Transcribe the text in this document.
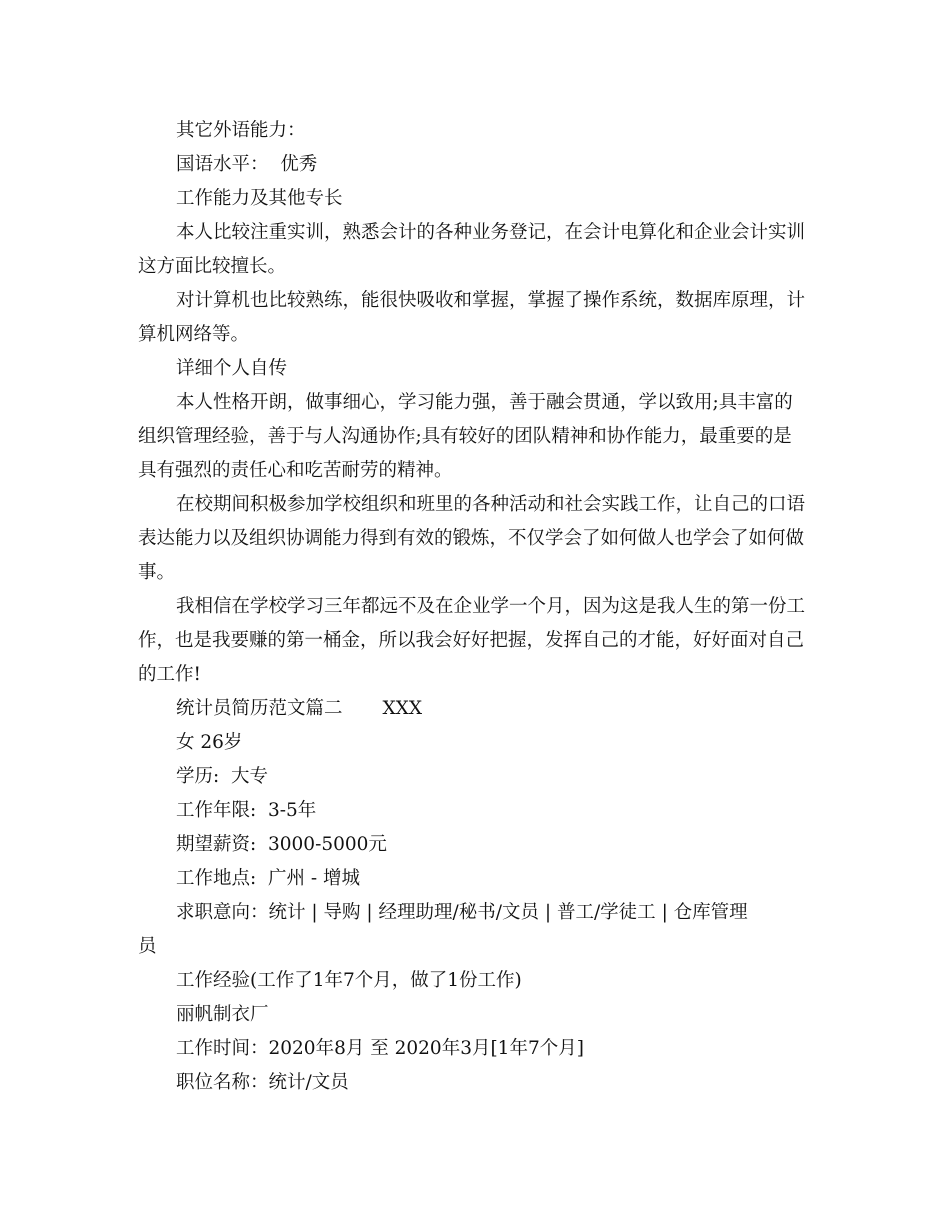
其它外语能力：

国语水平：  优秀

工作能力及其他专长

本人比较注重实训，熟悉会计的各种业务登记，在会计电算化和企业会计实训

这方面比较擅长。

对计算机也比较熟练，能很快吸收和掌握，掌握了操作系统，数据库原理，计

算机网络等。

详细个人自传

本人性格开朗，做事细心，学习能力强，善于融会贯通，学以致用;具丰富的

组织管理经验，善于与人沟通协作;具有较好的团队精神和协作能力，最重要的是

具有强烈的责任心和吃苦耐劳的精神。

在校期间积极参加学校组织和班里的各种活动和社会实践工作，让自己的口语

表达能力以及组织协调能力得到有效的锻炼，不仅学会了如何做人也学会了如何做

事。

我相信在学校学习三年都远不及在企业学一个月，因为这是我人生的第一份工

作，也是我要赚的第一桶金，所以我会好好把握，发挥自己的才能，好好面对自己

的工作!

统计员简历范文篇二 XXX

女 26岁

学历:  大专

工作年限:  3-5年

期望薪资:  3000-5000元

工作地点:  广州 - 增城

求职意向：统计 | 导购 | 经理助理/秘书/文员 | 普工/学徒工 | 仓库管理

员

工作经验(工作了1年7个月，做了1份工作)

丽帆制衣厂

工作时间：2020年8月 至 2020年3月[1年7个月]

职位名称：统计/文员
